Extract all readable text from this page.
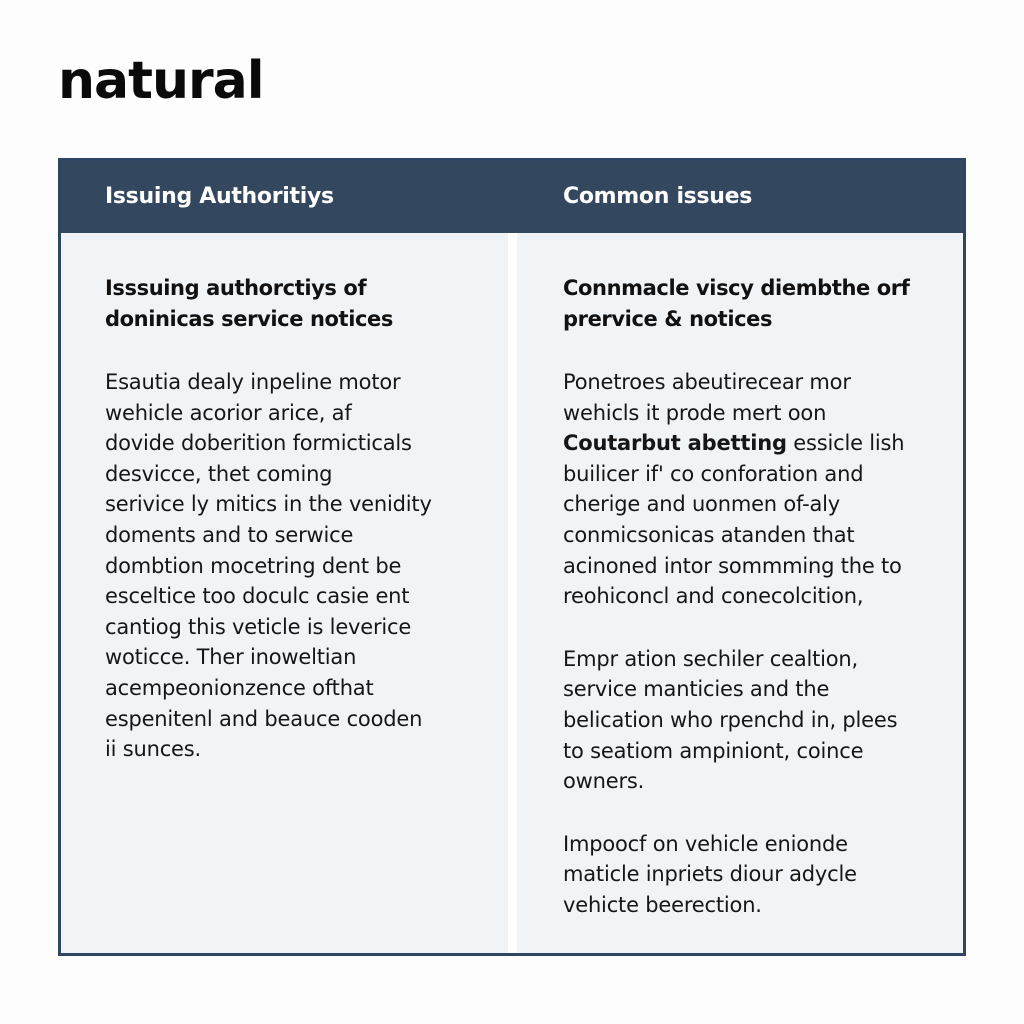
natural
Issuing Authoritiys	Common issues

Isssuing authorctiys of
doninicas service notices

Esautia dealy inpeline motor
wehicle acorior arice, af
dovide doberition formicticals
desvicce, thet coming
serivice ly mitics in the venidity
doments and to serwice
dombtion mocetring dent be
esceltice too doculc casie ent
cantiog this veticle is leverice
woticce. Ther inoweltian
acempeonionzence ofthat
espenitenl and beauce cooden
ii sunces.

Connmacle viscy diembthe orf
prervice & notices

Ponetroes abeutirecear mor
wehicls it prode mert oon
Coutarbut abetting essicle lish
builicer if' co conforation and
cherige and uonmen of-aly
conmicsonicas atanden that
acinoned intor sommming the to
reohiconcl and conecolcition,

Empr ation sechiler cealtion,
service manticies and the
belication who rpenchd in, plees
to seatiom ampiniont, coince
owners.

Impoocf on vehicle enionde
maticle inpriets diour adycle
vehicte beerection.
